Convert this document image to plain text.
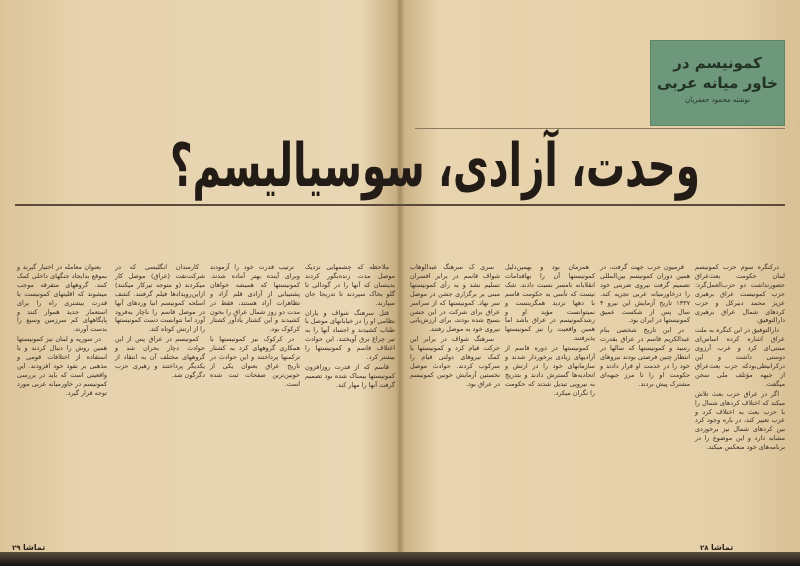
کمونیسم در
خاور میانه عربی
نوشته محمود جعفریان
وحدت، آزادی، سوسیالیسم؟

درکنگره سوم حزب کمونیسم لبنان حکومت بعث‌عراق حضورنداشت دو حزب‌العمل‌گرد: حزب کمونیست عراق برهبری عزیز محمد دبیرکل و حزب کردهای شمال عراق برهبری دارالتوفیق.

دارالتوفیق در این کنگره به ملت عراق اشاره کرده اساس‌ای مبتنی‌ای کرد و عرب آرزوی دوستی داشت و این درکرانیطی‌بودکه حزب بعث‌عراق از جبهه مؤتلف ملی سخن میگفت.

اگر در عراق حزب بعث تلاش میکند که اختلاف کردهای شمال را با حزب بعث به اختلاف کرد و عرب تعبیر کند، در باره وجود کرد بین کردهای شمال نیز برخوردی مشابه دارد و این موضوع را در برنامه‌های خود منعکس میکند.

قرمیون حرب جهت گرفت، در همین دوران کمونیسم بین‌المللی تصمیم گرفت نیروی ضربتی خود را درخاورمیانه عربی تجزیه کند. ۱۳۳۷ تاریخ آزمایش این نیرو ۴ سال پس از شکست عمیق کمونیستها در ایران بود.

در این تاریخ شخصی بنام عبدالکریم قاسم در عراق بقدرت رسید و کمونیستها که سالها در انتظار چنین فرصتی بودند نیروهای خود را در خدمت او قرار دادند و حکومت او را تا مرز جبهه‌ای مشترک پیش بردند.

همزمان بود و بهمین‌دلیل کمونیستها آن را بهاقدامات انقلابانه تامسر نسبت دادند. شک نیست که تأسی به حکومت قاسم با دهها تردید همگرینست و نمیتوانست مؤید او و رشدکمونیسم در عراق باشد اما همین واقعیت را نیز کمونیستها پذیرفتند.

کمونیستها در دوره قاسم از آزادیهای زیادی برخوردار شدند و سازمانهای خود را در ارتش و اتحادیه‌ها گسترش دادند و بتدریج به نیرویی تبدیل شدند که حکومت را نگران میکرد.

سری ک سرهنگ عبدالوهاب شواف قاسم در برابر افسران تسلیم نشد و به رأی کمونیستها مبنی بر برگزاری جشن در موصل سر نهاد. کمونیستها که از سراسر عراق برای شرکت در این جشن بسیج شده بودند، برای ارزش‌یابی نیروی خود به موصل رفتند.

سرهنگ شواف در برابر این حرکت قیام کرد و کمونیستها با کمک نیروهای دولتی قیام را سرکوب کردند. حوادث موصل نخستین آزمایش خونین کمونیسم در عراق بود.

ملاحظه که چشمهایی نزدیک موصل مدت زنده‌بگور کردند بدینسان که آنها را در گودالی تا گلو بخاک سپردند تا تدریجا جان سپارند.

قتل سرهنگ شواف و یاران نظامی او را در خیابانهای موصل با طناب کشیدند و اجساد آنها را به تیر چراغ برق آویختند. این حوادث اختلاف قاسم و کمونیستها را بیشتر کرد.

قاسم که از قدرت روزافزون کمونیستها بیمناک شده بود تصمیم گرفت آنها را مهار کند.

ترتیب قدرت خود را آزمودند وبرای آینده بهتر آماده شدند. کمونیستها که همیشه خواهان پشتیبانی از آزادی قلم آزاد و تظاهرات آزاد هستند، فقط در مدت دو روز شمال عراق را بخون کشیدند و این کشتار یادآور کشتار کرکوک بود.

در کرکوک نیز کمونیستها با همکاری گروههای کرد به کشتار ترکمنها پرداختند و این حوادث در تاریخ عراق بعنوان یکی از خونین‌ترین صفحات ثبت شده است.

کارمندان انگلیسی که در شرکت‌نفت (عراق) موصل کار میکردند (و متوجه تیرکار میکنند) ازاین‌رویدادها فیلم گرفتند. کشف اسلحه کمونیسم انبا وردهای آنها در موصل قاسم را ناچار به‌فرود آورد اما نتوانست دست کمونیستها را از ارتش کوتاه کند.

کمونیسم در عراق پس از این حوادث دچار بحران شد و گروههای مختلف آن به انتقاد از یکدیگر پرداختند و رهبری حزب دگرگون شد.

بعنوان معامله در اختیار گیرند و بموقع بدایجاد جنگهای داخلی کمک کنند. گروههای متفرقه موجب میشوند که اقلیتهای کمونیست با قدرت بیشتری راه را برای استعمار جدید هموار کنند و پایگاههای کم سرزمین وسیع را بدست آورند.

در سوریه و لبنان نیز کمونیستها همین روش را دنبال کردند و با استفاده از اختلافات قومی و مذهبی بر نفوذ خود افزودند. این واقعیتی است که باید در بررسی کمونیسم در خاورمیانه عربی مورد توجه قرار گیرد.

تماشا ۲۸
تماشا ۲۹
